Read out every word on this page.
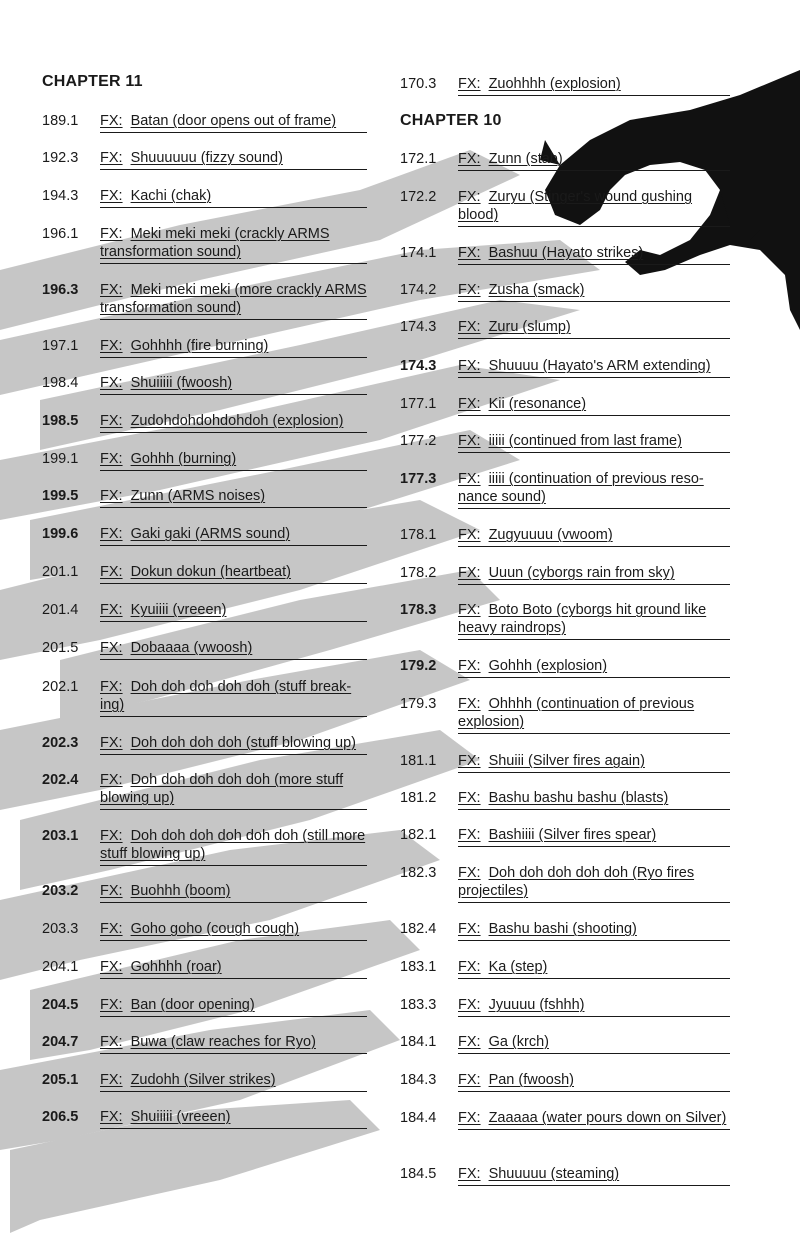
CHAPTER 11
189.1	FX: Batan (door opens out of frame)
192.3	FX: Shuuuuuu (fizzy sound)
194.3	FX: Kachi (chak)
196.1	FX: Meki meki meki (crackly ARMS transformation sound)
196.3	FX: Meki meki meki (more crackly ARMS transformation sound)
197.1	FX: Gohhhh (fire burning)
198.4	FX: Shuiiiii (fwoosh)
198.5	FX: Zudohdohdohdohdoh (explosion)
199.1	FX: Gohhh (burning)
199.5	FX: Zunn (ARMS noises)
199.6	FX: Gaki gaki (ARMS sound)
201.1	FX: Dokun dokun (heartbeat)
201.4	FX: Kyuiiii (vreeen)
201.5	FX: Dobaaaa (vwoosh)
202.1	FX: Doh doh doh doh doh (stuff break-ing)
202.3	FX: Doh doh doh doh (stuff blowing up)
202.4	FX: Doh doh doh doh doh (more stuff blowing up)
203.1	FX: Doh doh doh doh doh doh (still more stuff blowing up)
203.2	FX: Buohhh (boom)
203.3	FX: Goho goho (cough cough)
204.1	FX: Gohhhh (roar)
204.5	FX: Ban (door opening)
204.7	FX: Buwa (claw reaches for Ryo)
205.1	FX: Zudohh (Silver strikes)
206.5	FX: Shuiiiii (vreeen)
170.3	FX: Zuohhhh (explosion)
CHAPTER 10
172.1	FX: Zunn (stab)
172.2	FX: Zuryu (Stinger's wound gushing blood)
174.1	FX: Bashuu (Hayato strikes)
174.2	FX: Zusha (smack)
174.3	FX: Zuru (slump)
174.3	FX: Shuuuu (Hayato's ARM extending)
177.1	FX: Kii (resonance)
177.2	FX: iiiii (continued from last frame)
177.3	FX: iiiii (continuation of previous reso-nance sound)
178.1	FX: Zugyuuuu (vwoom)
178.2	FX: Uuun (cyborgs rain from sky)
178.3	FX: Boto Boto (cyborgs hit ground like heavy raindrops)
179.2	FX: Gohhh (explosion)
179.3	FX: Ohhhh (continuation of previous explosion)
181.1	FX: Shuiii (Silver fires again)
181.2	FX: Bashu bashu bashu (blasts)
182.1	FX: Bashiiii (Silver fires spear)
182.3	FX: Doh doh doh doh doh (Ryo fires projectiles)
182.4	FX: Bashu bashi (shooting)
183.1	FX: Ka (step)
183.3	FX: Jyuuuu (fshhh)
184.1	FX: Ga (krch)
184.3	FX: Pan (fwoosh)
184.4	FX: Zaaaaa (water pours down on Silver)
184.5	FX: Shuuuuu (steaming)
